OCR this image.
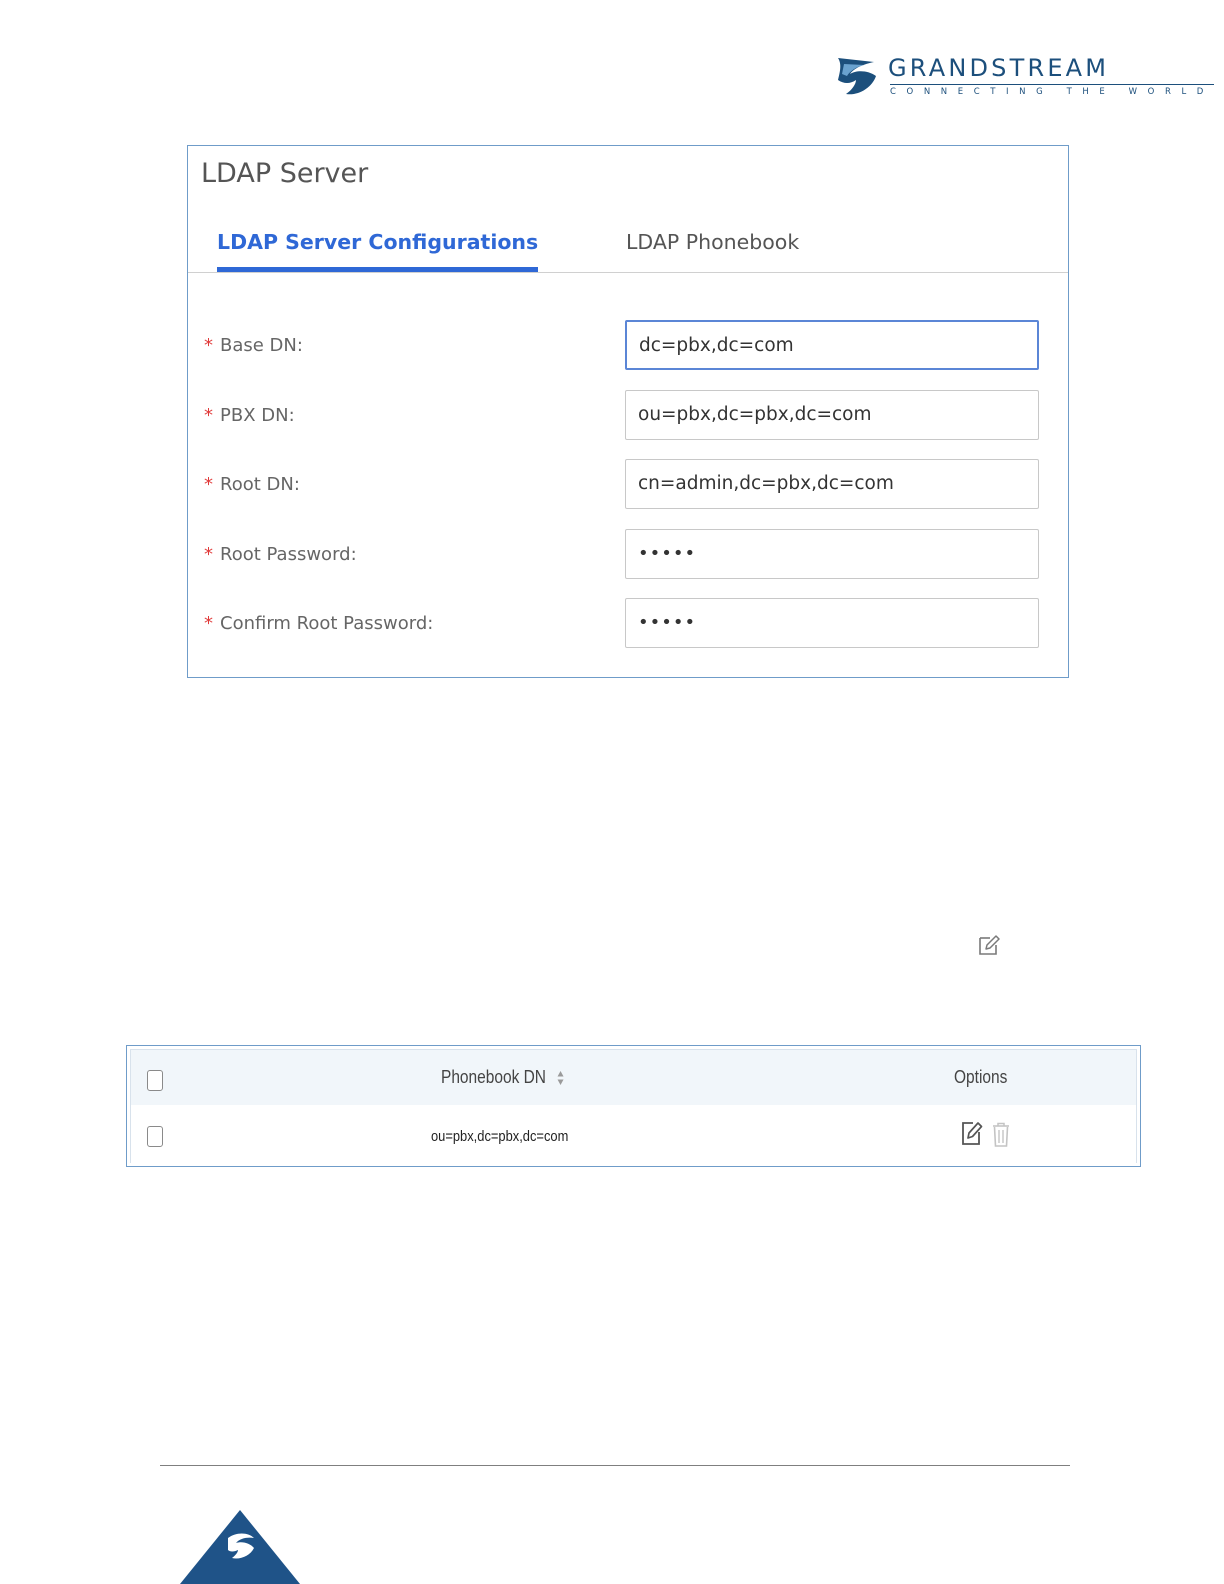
GRANDSTREAM
CONNECTING THE WORLD
LDAP Server
LDAP Server Configurations	LDAP Phonebook
* Base DN:	dc=pbx,dc=com
* PBX DN:	ou=pbx,dc=pbx,dc=com
* Root DN:	cn=admin,dc=pbx,dc=com
* Root Password:	•••••
* Confirm Root Password:	•••••
Phonebook DN	Options
ou=pbx,dc=pbx,dc=com
